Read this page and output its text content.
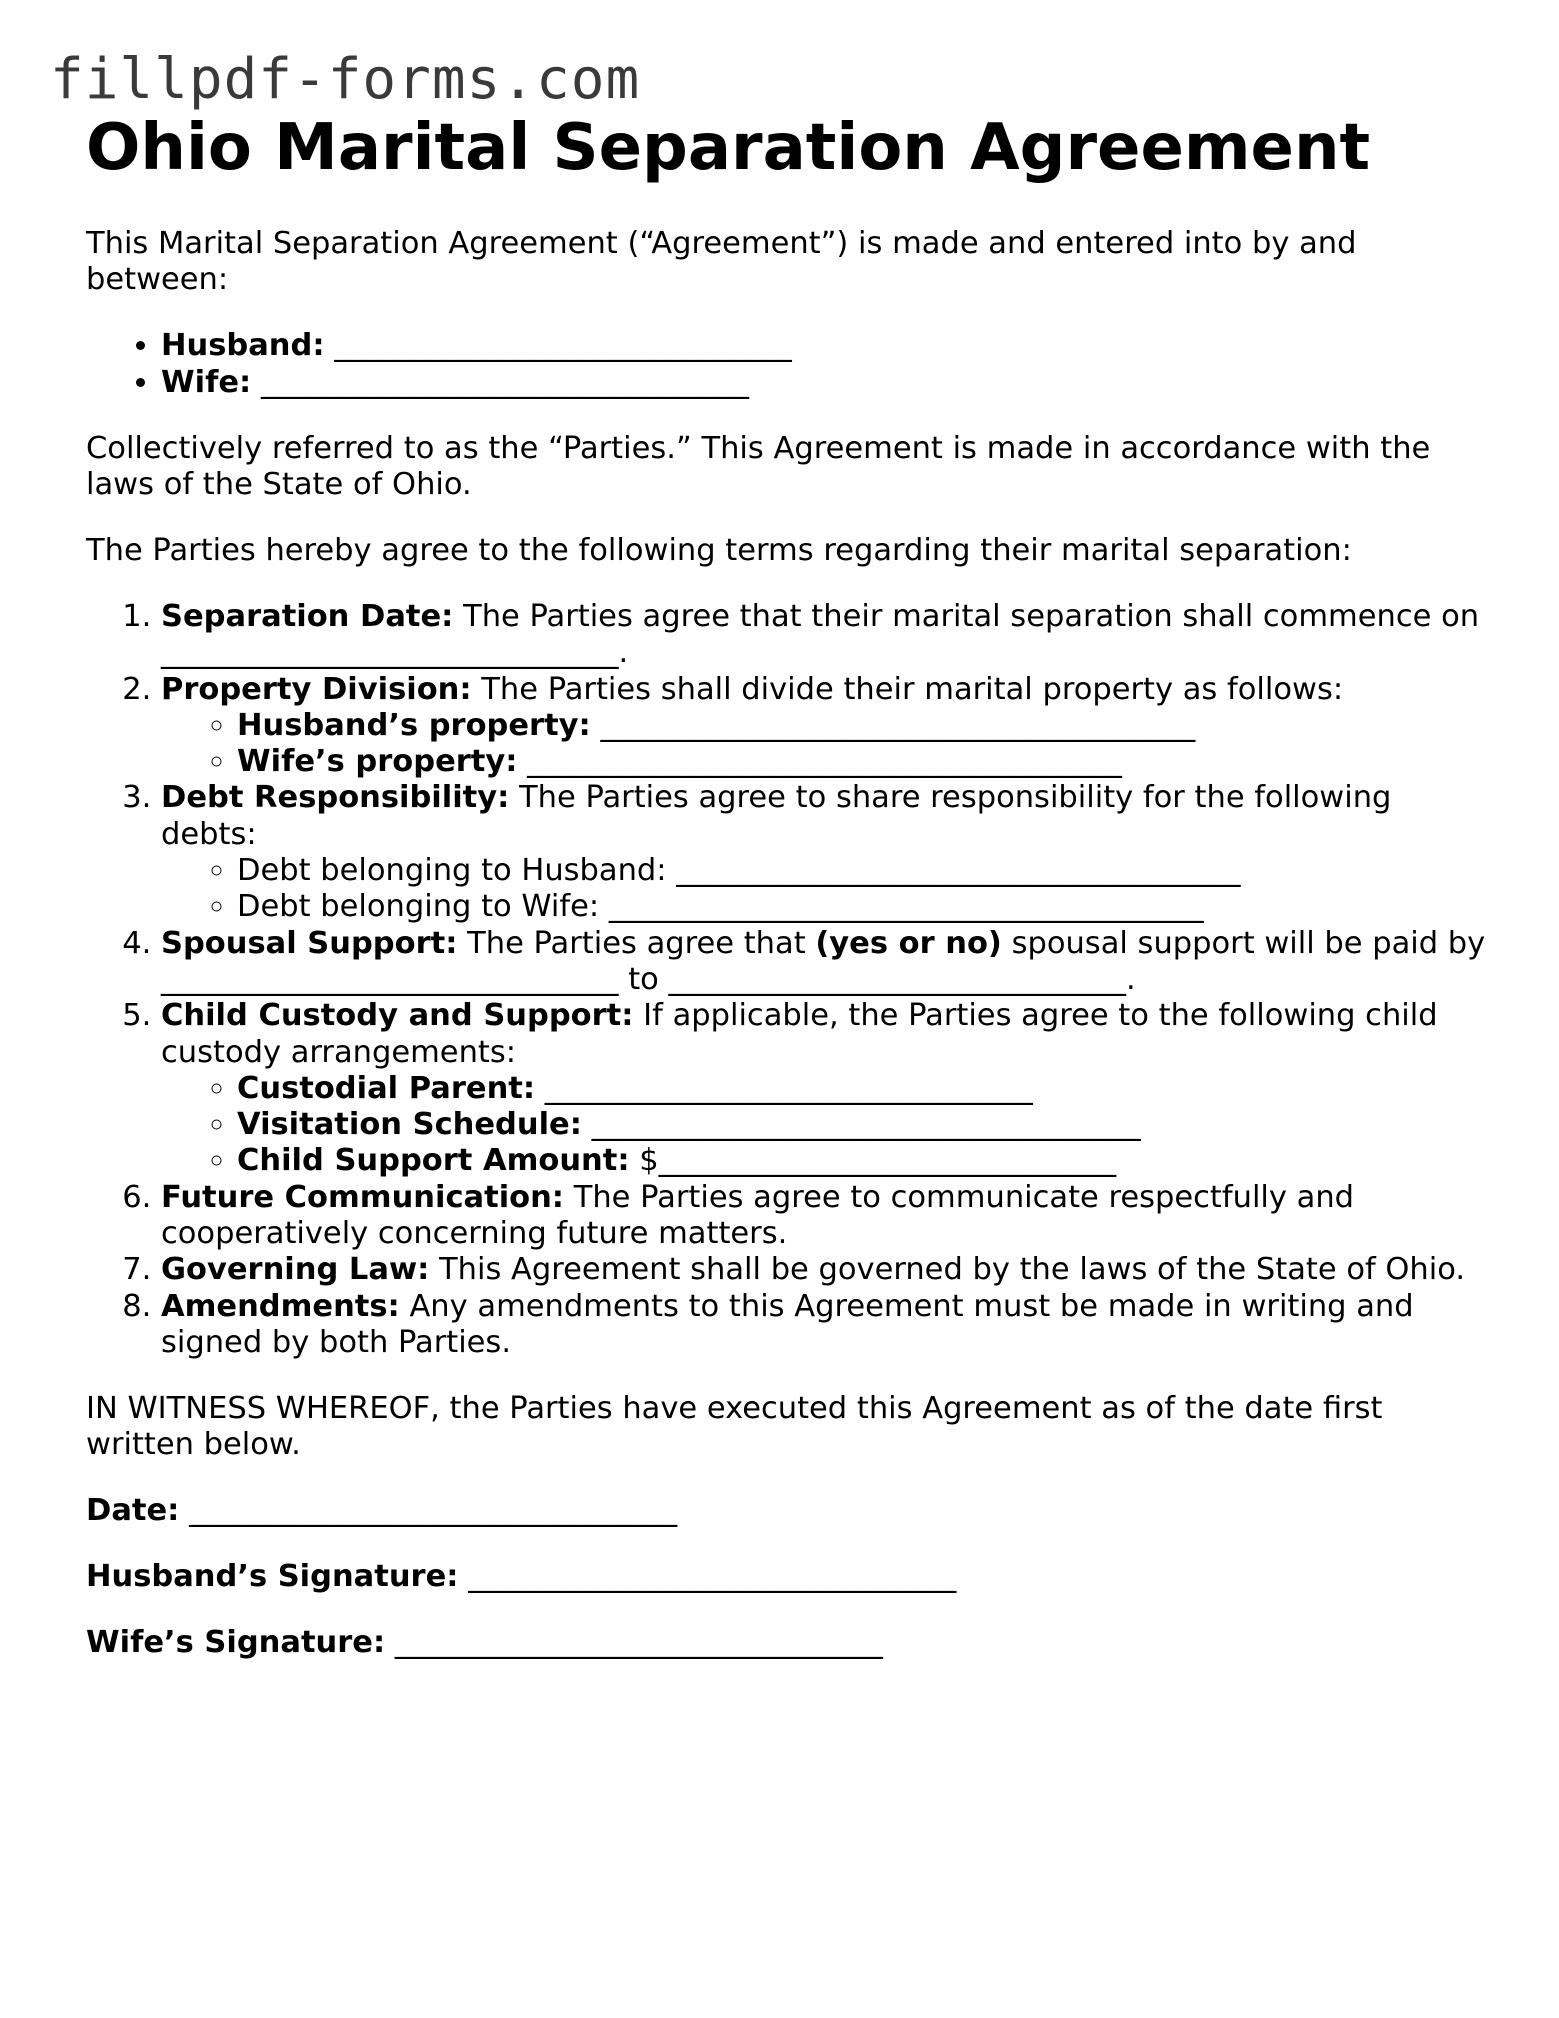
fillpdf-forms.com
Ohio Marital Separation Agreement

This Marital Separation Agreement (“Agreement”) is made and entered into by and between:

• Husband: ______________________________
• Wife: ________________________________

Collectively referred to as the “Parties.” This Agreement is made in accordance with the laws of the State of Ohio.

The Parties hereby agree to the following terms regarding their marital separation:

1. Separation Date: The Parties agree that their marital separation shall commence on ______________________________.
2. Property Division: The Parties shall divide their marital property as follows:
◦ Husband’s property: _______________________________________
◦ Wife’s property: _______________________________________
3. Debt Responsibility: The Parties agree to share responsibility for the following debts:
◦ Debt belonging to Husband: _____________________________________
◦ Debt belonging to Wife: _______________________________________
4. Spousal Support: The Parties agree that (yes or no) spousal support will be paid by ______________________________ to ______________________________.
5. Child Custody and Support: If applicable, the Parties agree to the following child custody arrangements:
◦ Custodial Parent: ________________________________
◦ Visitation Schedule: ____________________________________
◦ Child Support Amount: $______________________________
6. Future Communication: The Parties agree to communicate respectfully and cooperatively concerning future matters.
7. Governing Law: This Agreement shall be governed by the laws of the State of Ohio.
8. Amendments: Any amendments to this Agreement must be made in writing and signed by both Parties.

IN WITNESS WHEREOF, the Parties have executed this Agreement as of the date first written below.

Date: ________________________________

Husband’s Signature: ________________________________

Wife’s Signature: ________________________________
